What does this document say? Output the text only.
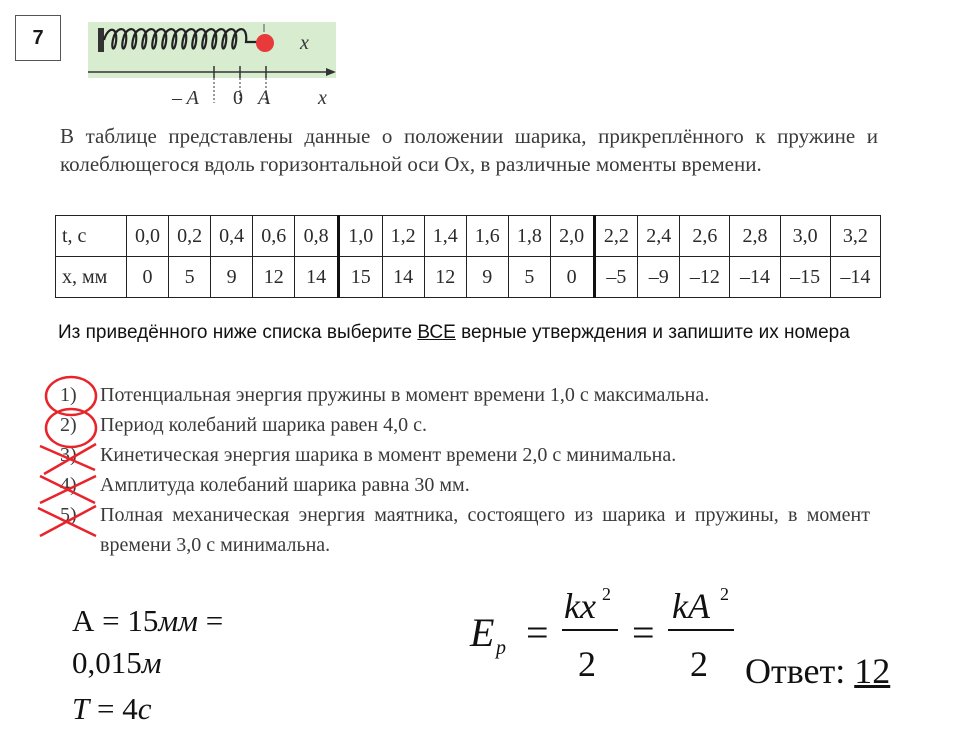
7	x
– A 0 A x
В таблице представлены данные о положении шарика, прикреплённого к пружине и колеблющегося вдоль горизонтальной оси Ox, в различные моменты времени.
t, с	0,0	0,2	0,4	0,6	0,8	1,0	1,2	1,4	1,6	1,8	2,0	2,2	2,4	2,6	2,8	3,0	3,2
x, мм	0	5	9	12	14	15	14	12	9	5	0	–5	–9	–12	–14	–15	–14
Из приведённого ниже списка выберите ВСЕ верные утверждения и запишите их номера
1)	Потенциальная энергия пружины в момент времени 1,0 с максимальна.
2)	Период колебаний шарика равен 4,0 с.
3)	Кинетическая энергия шарика в момент времени 2,0 с минимальна.
4)	Амплитуда колебаний шарика равна 30 мм.
5)	Полная механическая энергия маятника, состоящего из шарика и пружины, в момент времени 3,0 с минимальна.
А = 15мм =
0,015м
T = 4с
E p =
kx 2
2
=
kA 2
2 Ответ: 12
